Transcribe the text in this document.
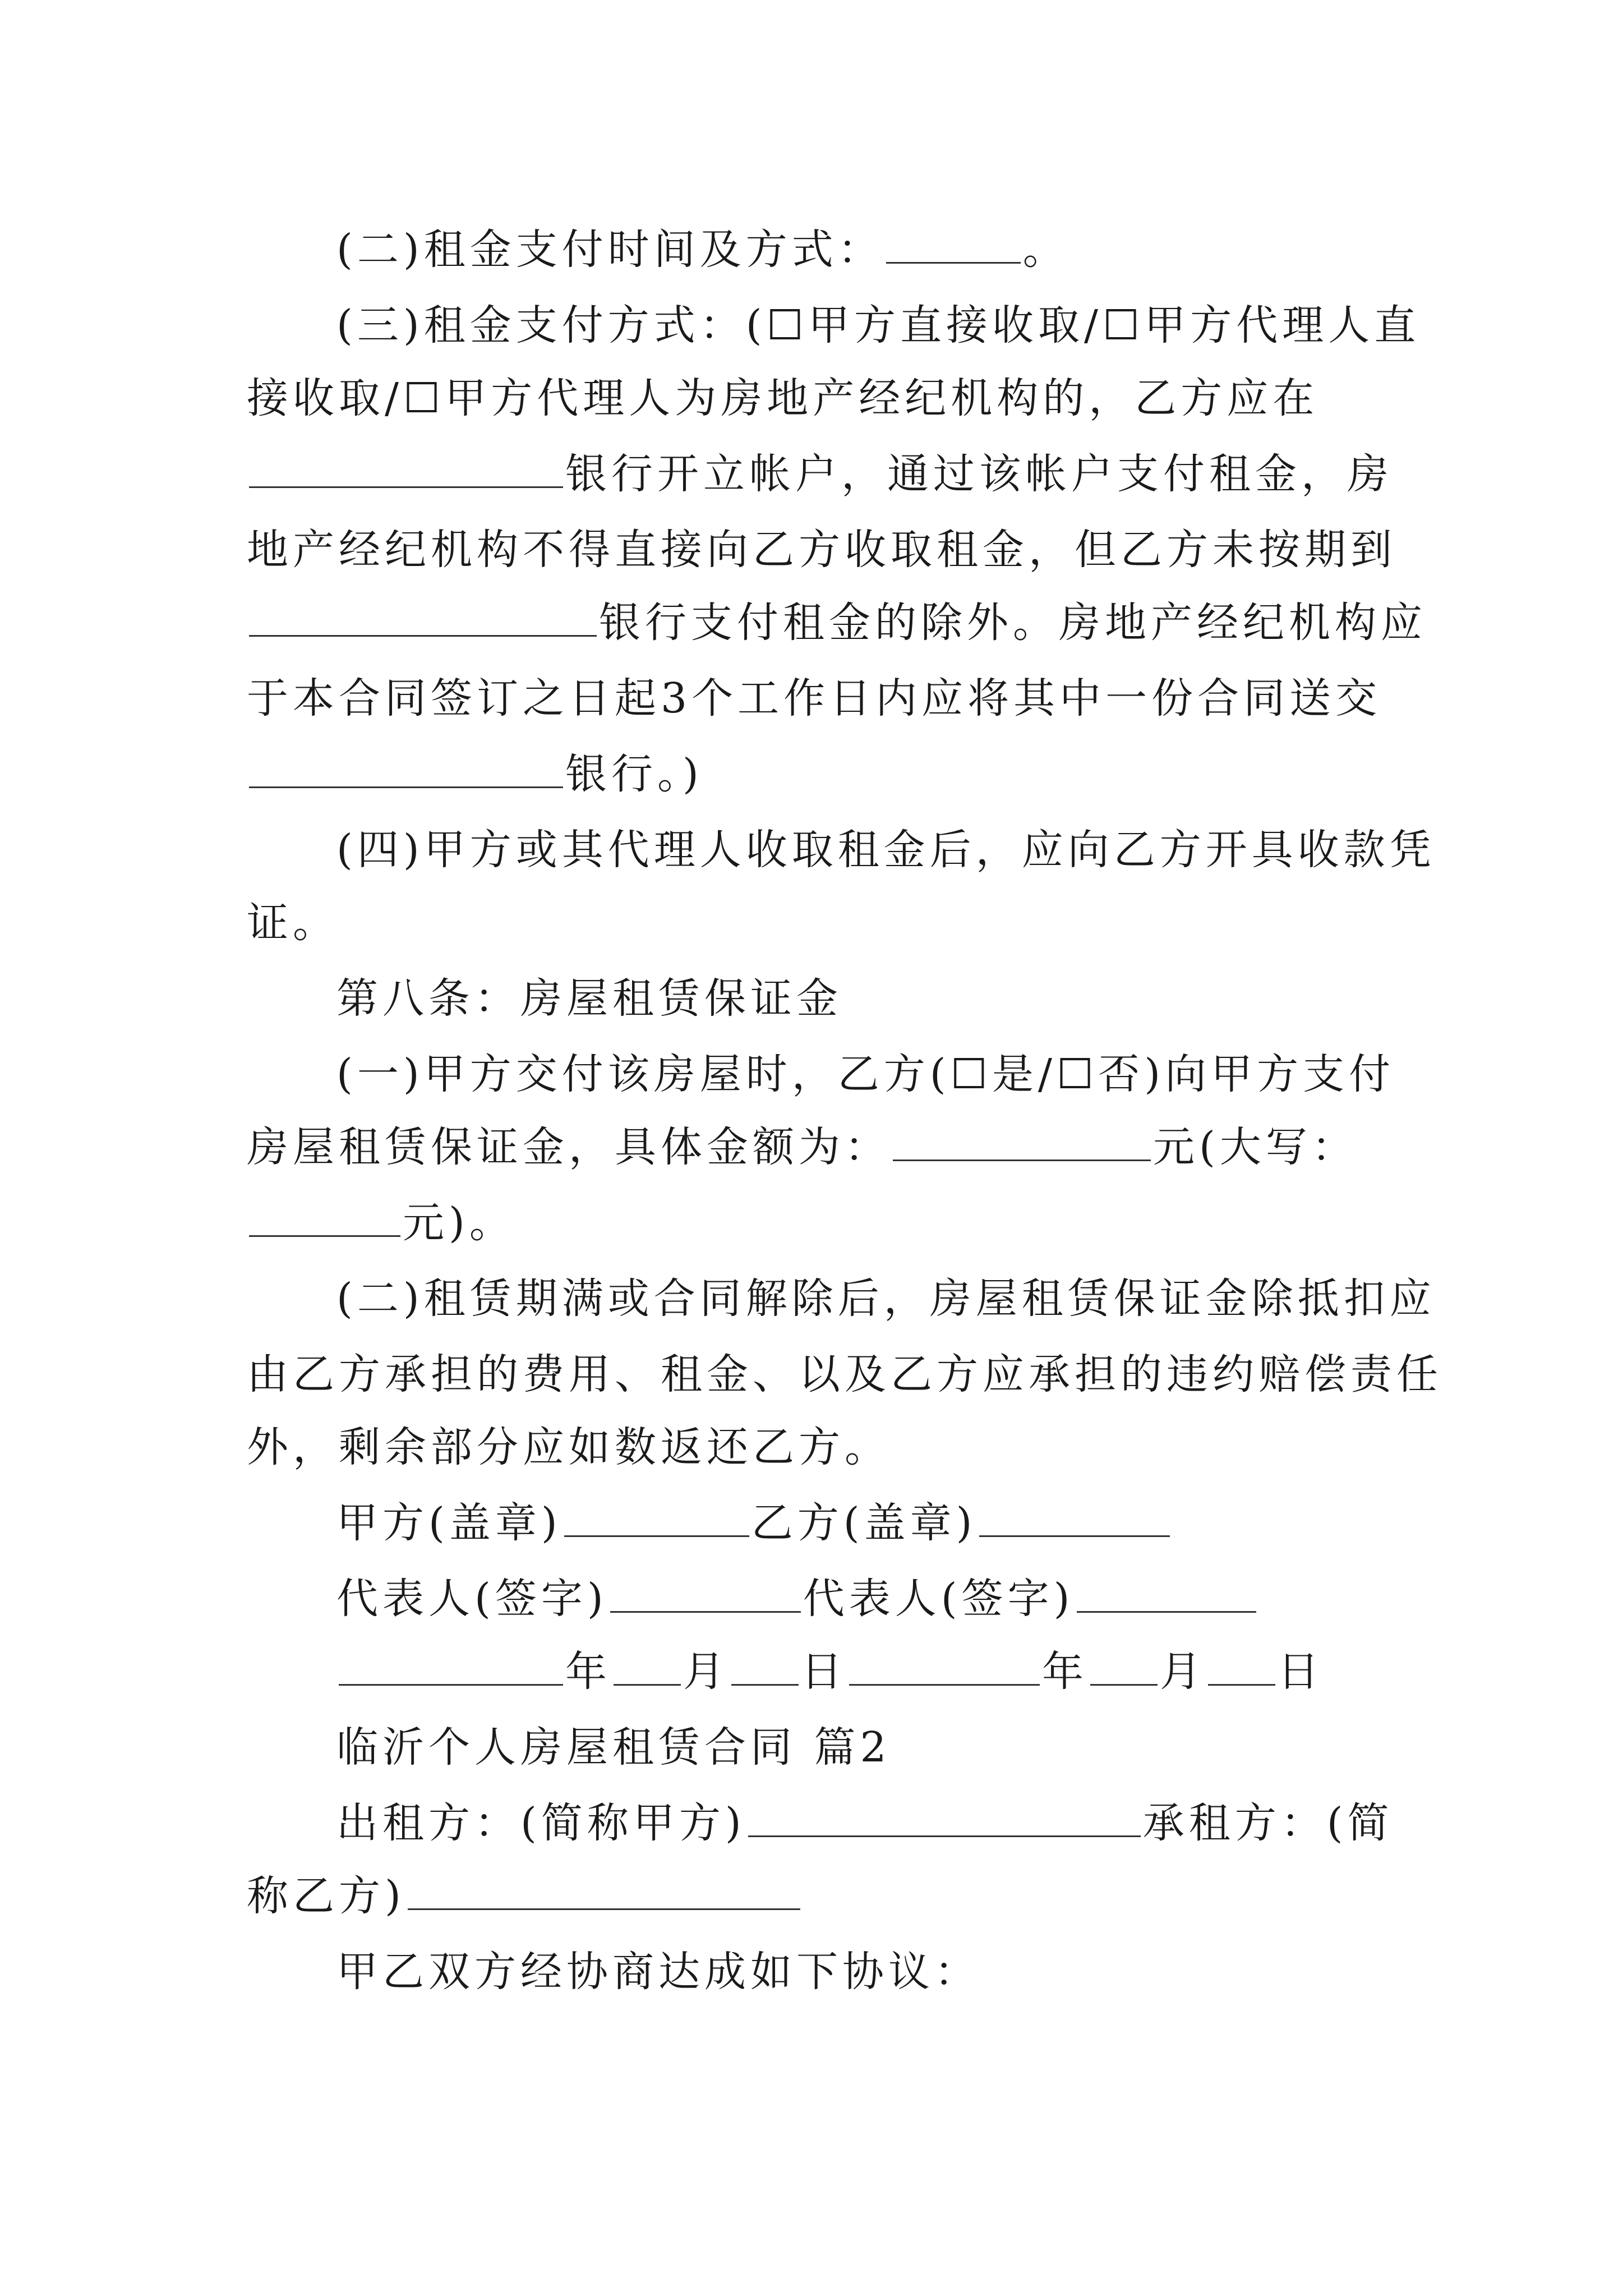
(二)租金支付时间及方式：	。
(三)租金支付方式：(☐甲方直接收取/☐甲方代理人直
接收取/☐甲方代理人为房地产经纪机构的，乙方应在
银行开立帐户，通过该帐户支付租金，房
地产经纪机构不得直接向乙方收取租金，但乙方未按期到
银行支付租金的除外。房地产经纪机构应
于本合同签订之日起3个工作日内应将其中一份合同送交
银行。)
(四)甲方或其代理人收取租金后，应向乙方开具收款凭
证。
第八条：房屋租赁保证金
(一)甲方交付该房屋时，乙方(☐是/☐否)向甲方支付
房屋租赁保证金，具体金额为：	元(大写：
元)。
(二)租赁期满或合同解除后，房屋租赁保证金除抵扣应
由乙方承担的费用、租金、以及乙方应承担的违约赔偿责任
外，剩余部分应如数返还乙方。
甲方(盖章)	乙方(盖章)
代表人(签字)	代表人(签字)
年 月 日	年 月 日
临沂个人房屋租赁合同 篇2
出租方：(简称甲方)	承租方：(简
称乙方)
甲乙双方经协商达成如下协议：
